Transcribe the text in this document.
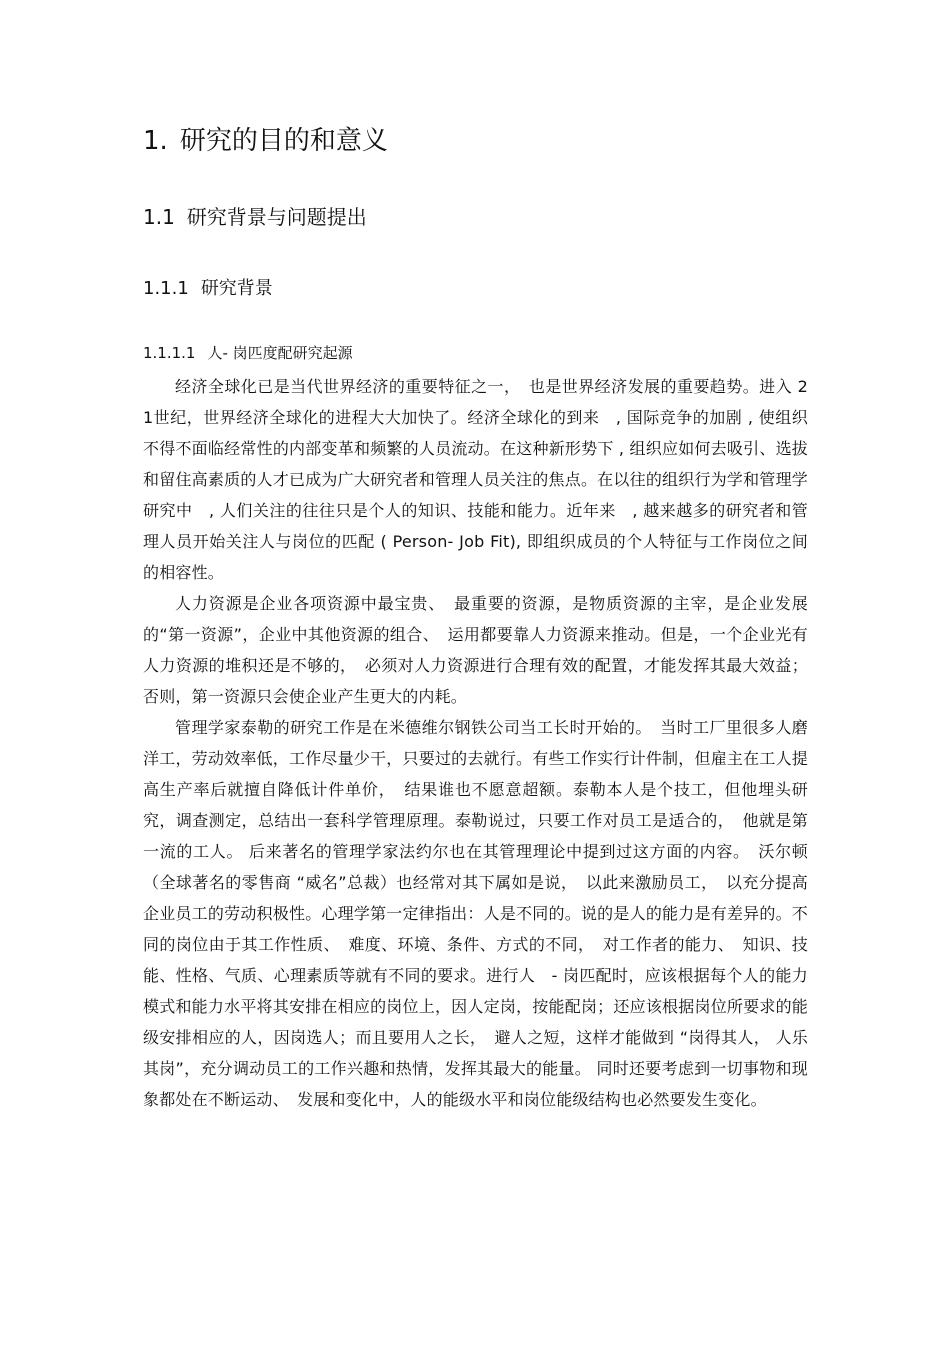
1. 研究的目的和意义
1.1 研究背景与问题提出
1.1.1 研究背景
1.1.1.1 人- 岗匹度配研究起源

经济全球化已是当代世界经济的重要特征之一，　也是世界经济发展的重要趋势。进入 21世纪，世界经济全球化的进程大大加快了。经济全球化的到来　, 国际竞争的加剧 , 使组织不得不面临经常性的内部变革和频繁的人员流动。在这种新形势下 , 组织应如何去吸引、选拔和留住高素质的人才已成为广大研究者和管理人员关注的焦点。在以往的组织行为学和管理学研究中　, 人们关注的往往只是个人的知识、技能和能力。近年来　, 越来越多的研究者和管理人员开始关注人与岗位的匹配 ( Person- Job Fit), 即组织成员的个人特征与工作岗位之间的相容性。

人力资源是企业各项资源中最宝贵、　最重要的资源，是物质资源的主宰，是企业发展的“第一资源”，企业中其他资源的组合、　运用都要靠人力资源来推动。但是，一个企业光有人力资源的堆积还是不够的，　必须对人力资源进行合理有效的配置，才能发挥其最大效益；否则，第一资源只会使企业产生更大的内耗。

管理学家泰勒的研究工作是在米德维尔钢铁公司当工长时开始的。　当时工厂里很多人磨洋工，劳动效率低，工作尽量少干，只要过的去就行。有些工作实行计件制，但雇主在工人提高生产率后就擅自降低计件单价，　结果谁也不愿意超额。泰勒本人是个技工，但他埋头研究，调查测定，总结出一套科学管理原理。泰勒说过，只要工作对员工是适合的，　他就是第一流的工人。 后来著名的管理学家法约尔也在其管理理论中提到过这方面的内容。　沃尔顿（全球著名的零售商 “威名”总裁）也经常对其下属如是说，　以此来激励员工，　以充分提高企业员工的劳动积极性。心理学第一定律指出：人是不同的。说的是人的能力是有差异的。不同的岗位由于其工作性质、　难度、环境、条件、方式的不同，　对工作者的能力、　知识、技能、性格、气质、心理素质等就有不同的要求。进行人　- 岗匹配时，应该根据每个人的能力模式和能力水平将其安排在相应的岗位上，因人定岗，按能配岗；还应该根据岗位所要求的能级安排相应的人，因岗选人；而且要用人之长，　避人之短，这样才能做到 “岗得其人， 人乐其岗”，充分调动员工的工作兴趣和热情，发挥其最大的能量。 同时还要考虑到一切事物和现象都处在不断运动、　发展和变化中，人的能级水平和岗位能级结构也必然要发生变化。
